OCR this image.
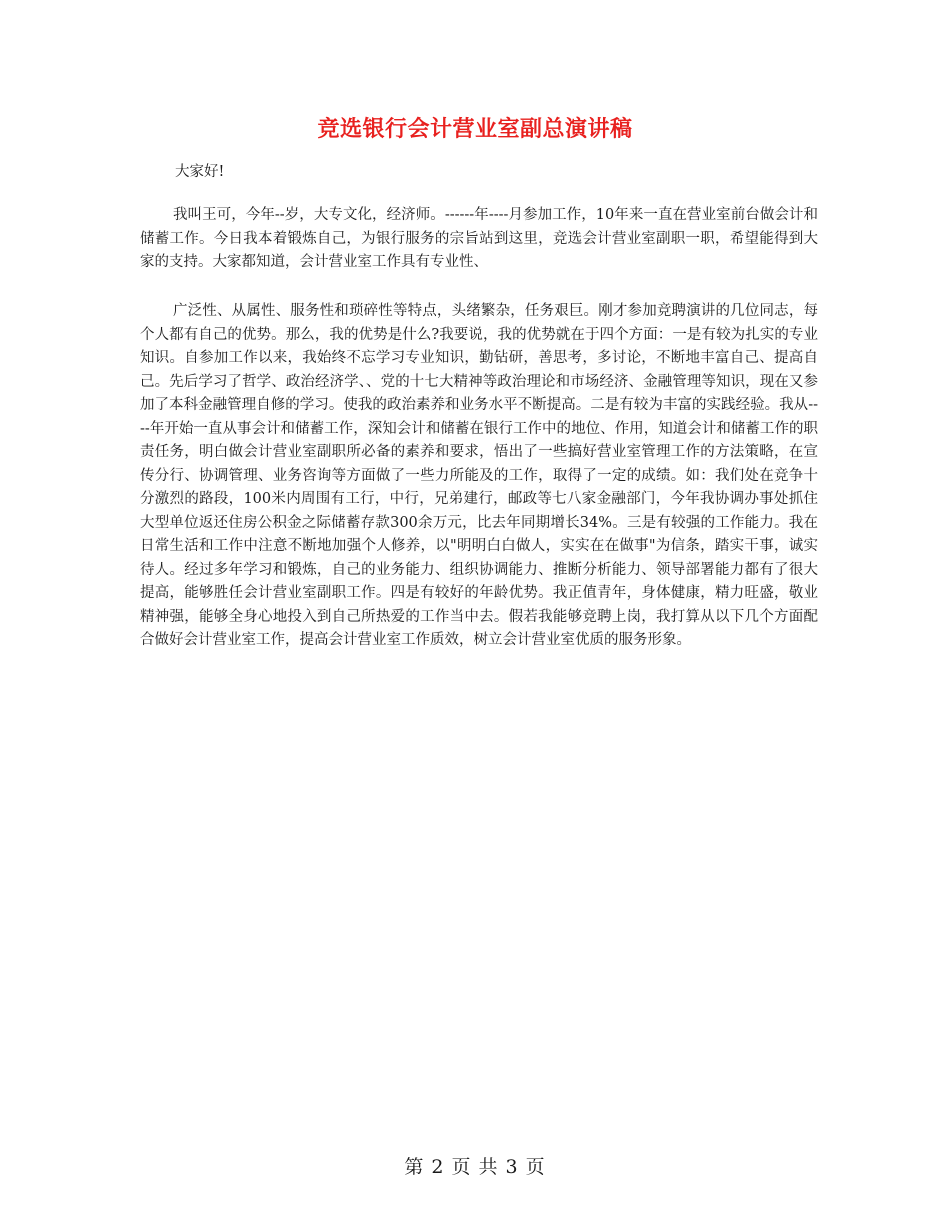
竞选银行会计营业室副总演讲稿

大家好!

我叫王可，今年--岁，大专文化，经济师。------年----月参加工作，10年来一直在营业室前台做会计和储蓄工作。今日我本着锻炼自己，为银行服务的宗旨站到这里，竞选会计营业室副职一职，希望能得到大家的支持。大家都知道，会计营业室工作具有专业性、

广泛性、从属性、服务性和琐碎性等特点，头绪繁杂，任务艰巨。刚才参加竞聘演讲的几位同志，每个人都有自己的优势。那么，我的优势是什么?我要说，我的优势就在于四个方面：一是有较为扎实的专业知识。自参加工作以来，我始终不忘学习专业知识，勤钻研，善思考，多讨论，不断地丰富自己、提高自己。先后学习了哲学、政治经济学、、党的十七大精神等政治理论和市场经济、金融管理等知识，现在又参加了本科金融管理自修的学习。使我的政治素养和业务水平不断提高。二是有较为丰富的实践经验。我从----年开始一直从事会计和储蓄工作，深知会计和储蓄在银行工作中的地位、作用，知道会计和储蓄工作的职责任务，明白做会计营业室副职所必备的素养和要求，悟出了一些搞好营业室管理工作的方法策略，在宣传分行、协调管理、业务咨询等方面做了一些力所能及的工作，取得了一定的成绩。如：我们处在竞争十分激烈的路段，100米内周围有工行，中行，兄弟建行，邮政等七八家金融部门，今年我协调办事处抓住大型单位返还住房公积金之际储蓄存款300余万元，比去年同期增长34%。三是有较强的工作能力。我在日常生活和工作中注意不断地加强个人修养，以"明明白白做人，实实在在做事"为信条，踏实干事，诚实待人。经过多年学习和锻炼，自己的业务能力、组织协调能力、推断分析能力、领导部署能力都有了很大提高，能够胜任会计营业室副职工作。四是有较好的年龄优势。我正值青年，身体健康，精力旺盛，敬业精神强，能够全身心地投入到自己所热爱的工作当中去。假若我能够竞聘上岗，我打算从以下几个方面配合做好会计营业室工作，提高会计营业室工作质效，树立会计营业室优质的服务形象。

第 2 页 共 3 页
